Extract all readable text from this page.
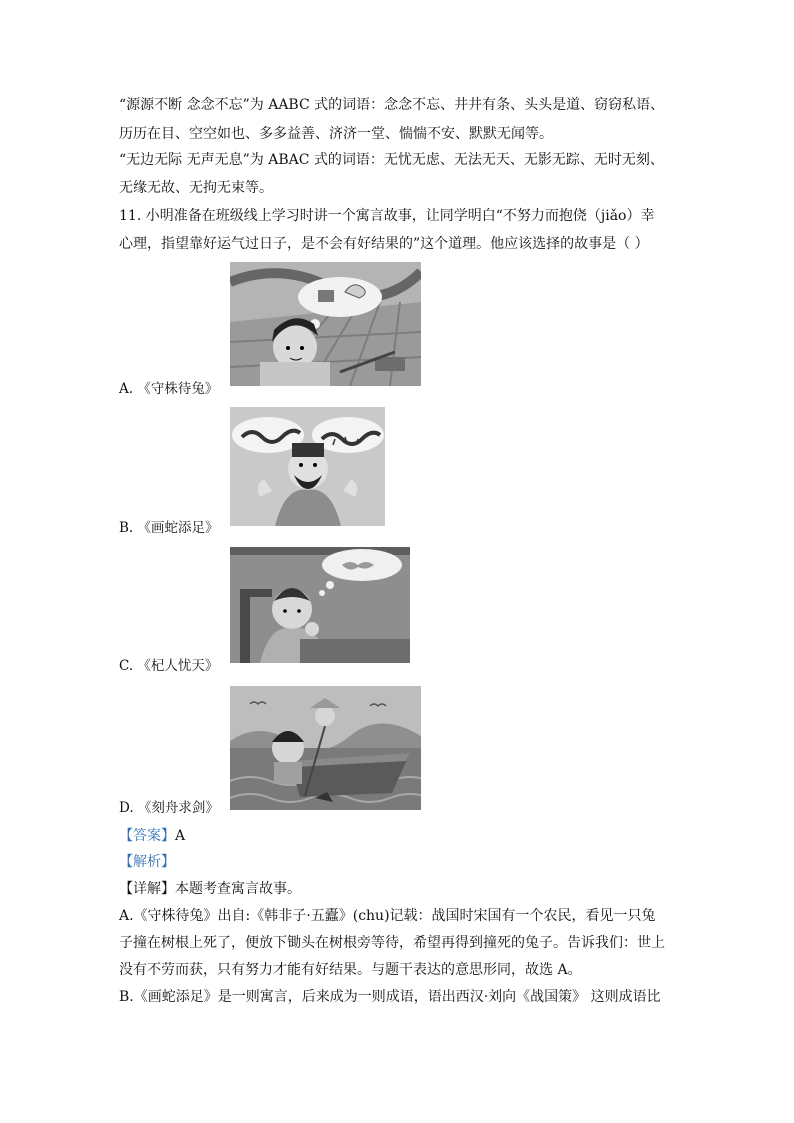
“源源不断 念念不忘”为 AABC 式的词语：念念不忘、井井有条、头头是道、窃窃私语、
历历在目、空空如也、多多益善、济济一堂、惴惴不安、默默无闻等。
“无边无际 无声无息”为 ABAC 式的词语：无忧无虑、无法无天、无影无踪、无时无刻、
无缘无故、无拘无束等。
11. 小明准备在班级线上学习时讲一个寓言故事，让同学明白“不努力而抱侥（jiǎo）幸
心理，指望靠好运气过日子，是不会有好结果的”这个道理。他应该选择的故事是（ ）
A. 《守株待兔》
B. 《画蛇添足》
C. 《杞人忧天》
D. 《刻舟求剑》
【答案】A
【解析】
【详解】本题考查寓言故事。
A.《守株待兔》出自:《韩非子·五蠹》(chu)记载：战国时宋国有一个农民，看见一只兔
子撞在树根上死了，便放下锄头在树根旁等待，希望再得到撞死的兔子。告诉我们：世上
没有不劳而获，只有努力才能有好结果。与题干表达的意思形同，故选 A。
B.《画蛇添足》是一则寓言，后来成为一则成语，语出西汉·刘向《战国策》 这则成语比
